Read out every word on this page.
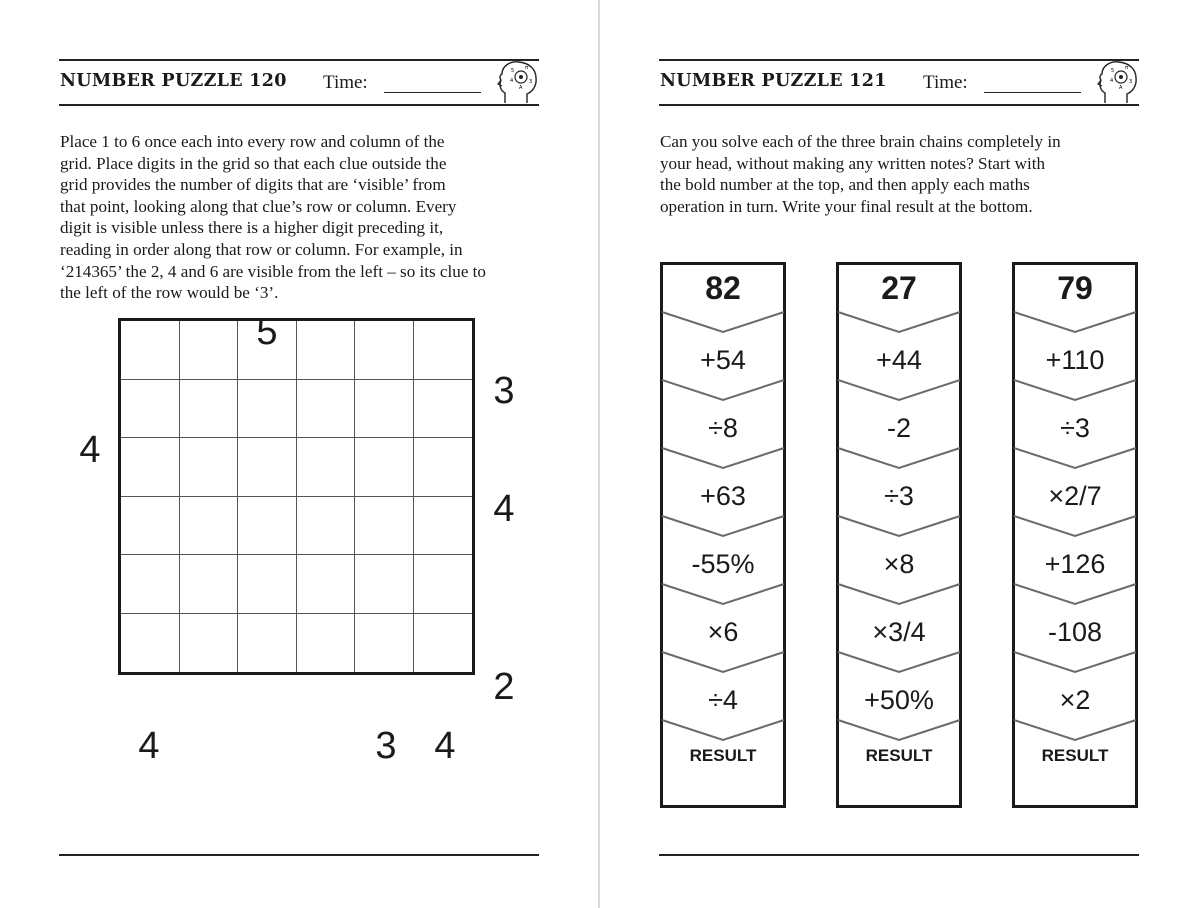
NUMBER PUZZLE 120 Time:
5 π
4	3
A

Place 1 to 6 once each into every row and column of the
grid. Place digits in the grid so that each clue outside the
grid provides the number of digits that are ‘visible’ from
that point, looking along that clue’s row or column. Every
digit is visible unless there is a higher digit preceding it,
reading in order along that row or column. For example, in
‘214365’ the 2, 4 and 6 are visible from the left – so its clue to
the left of the row would be ‘3’.

5
3
4
4
2
4	3 4
NUMBER PUZZLE 121 Time:
5 π
4	3
A

Can you solve each of the three brain chains completely in
your head, without making any written notes? Start with
the bold number at the top, and then apply each maths
operation in turn. Write your final result at the bottom.

82
+54
÷8
+63
-55%
×6
÷4
RESULT
27
+44
-2
÷3
×8
×3/4
+50%
RESULT
79
+110
÷3
×2/7
+126
-108
×2
RESULT
